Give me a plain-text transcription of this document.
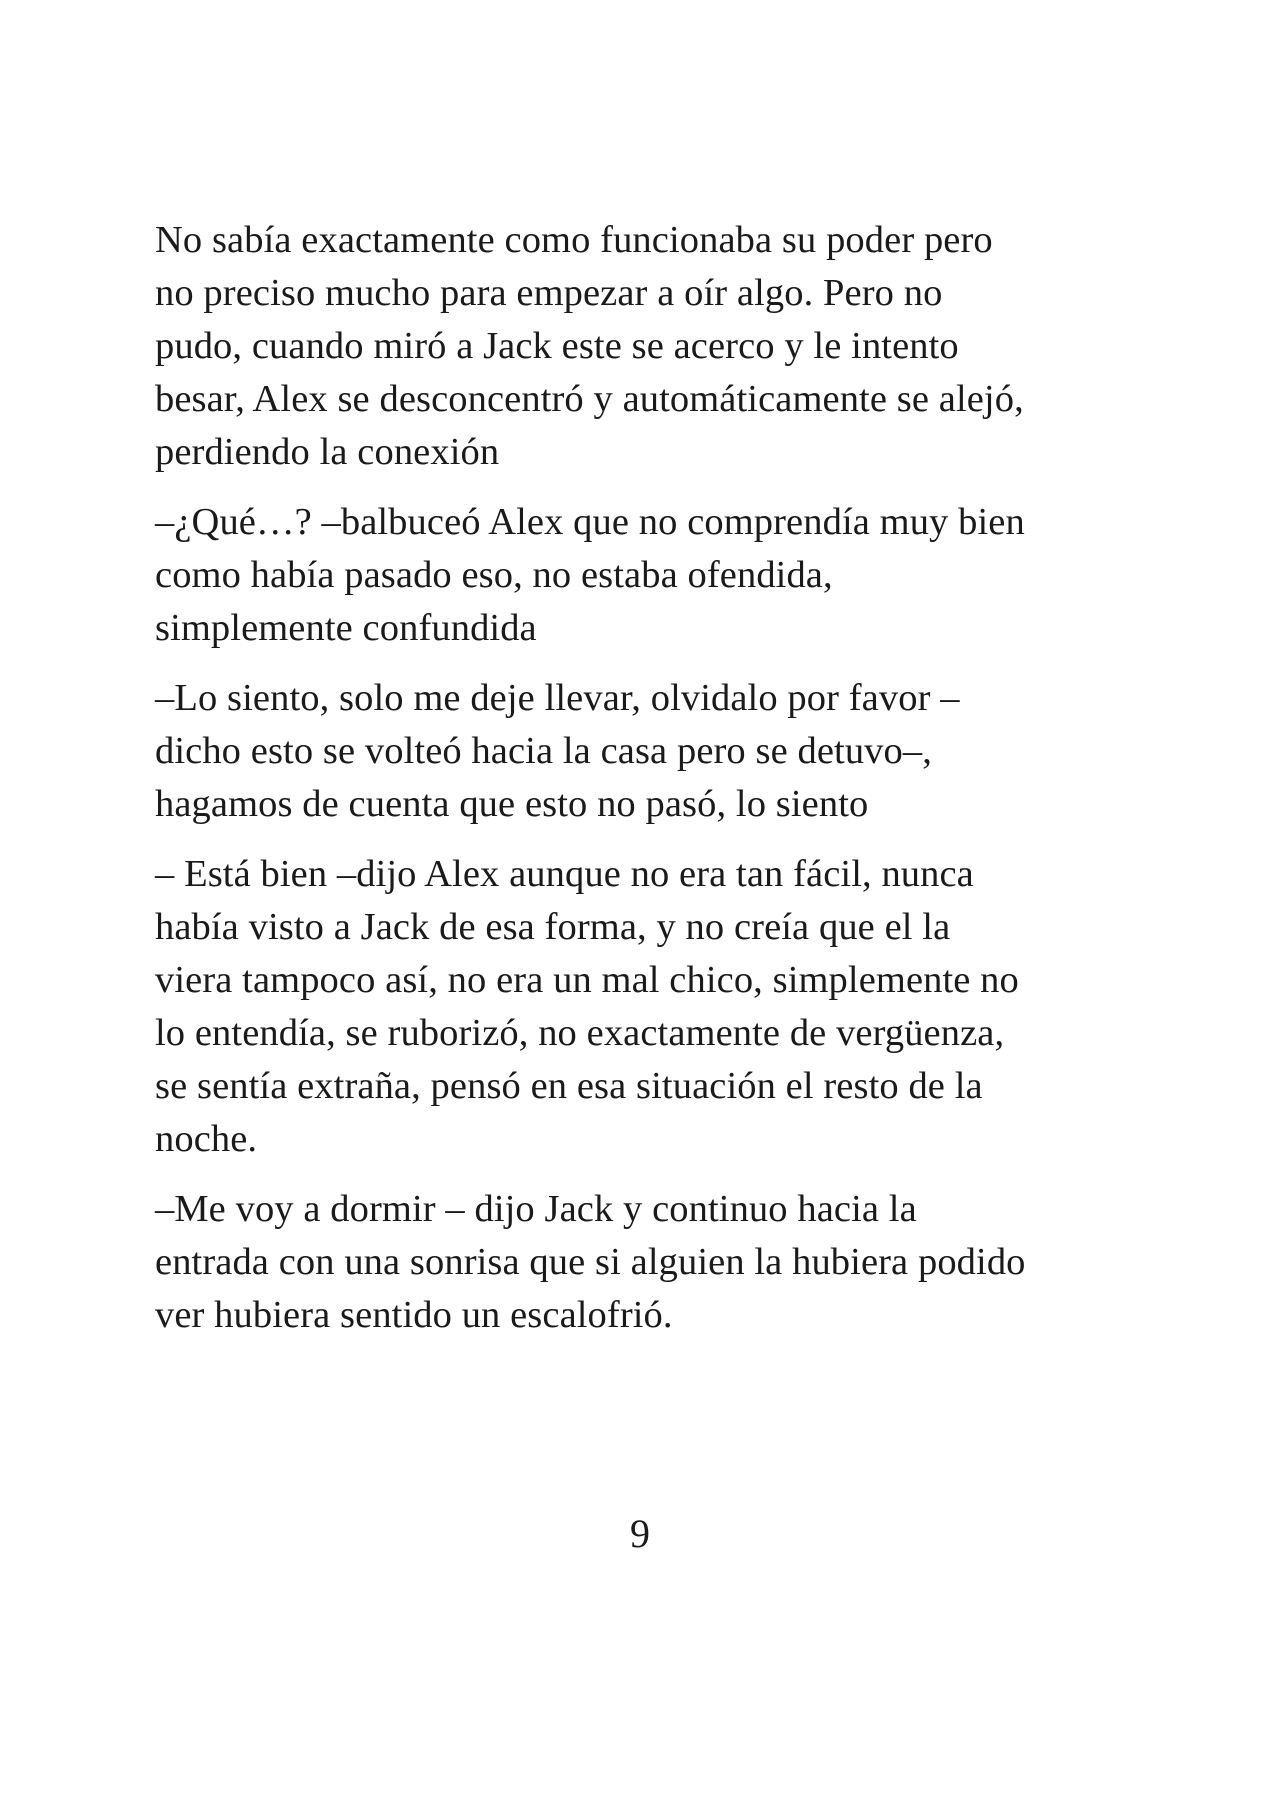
No sabía exactamente como funcionaba su poder pero
no preciso mucho para empezar a oír algo. Pero no
pudo, cuando miró a Jack este se acerco y le intento
besar, Alex se desconcentró y automáticamente se alejó,
perdiendo la conexión

–¿Qué…? –balbuceó Alex que no comprendía muy bien
como había pasado eso, no estaba ofendida,
simplemente confundida

–Lo siento, solo me deje llevar, olvidalo por favor –
dicho esto se volteó hacia la casa pero se detuvo–,
hagamos de cuenta que esto no pasó, lo siento

– Está bien –dijo Alex aunque no era tan fácil, nunca
había visto a Jack de esa forma, y no creía que el la
viera tampoco así, no era un mal chico, simplemente no
lo entendía, se ruborizó, no exactamente de vergüenza,
se sentía extraña, pensó en esa situación el resto de la
noche.

–Me voy a dormir – dijo Jack y continuo hacia la
entrada con una sonrisa que si alguien la hubiera podido
ver hubiera sentido un escalofrió.

9
